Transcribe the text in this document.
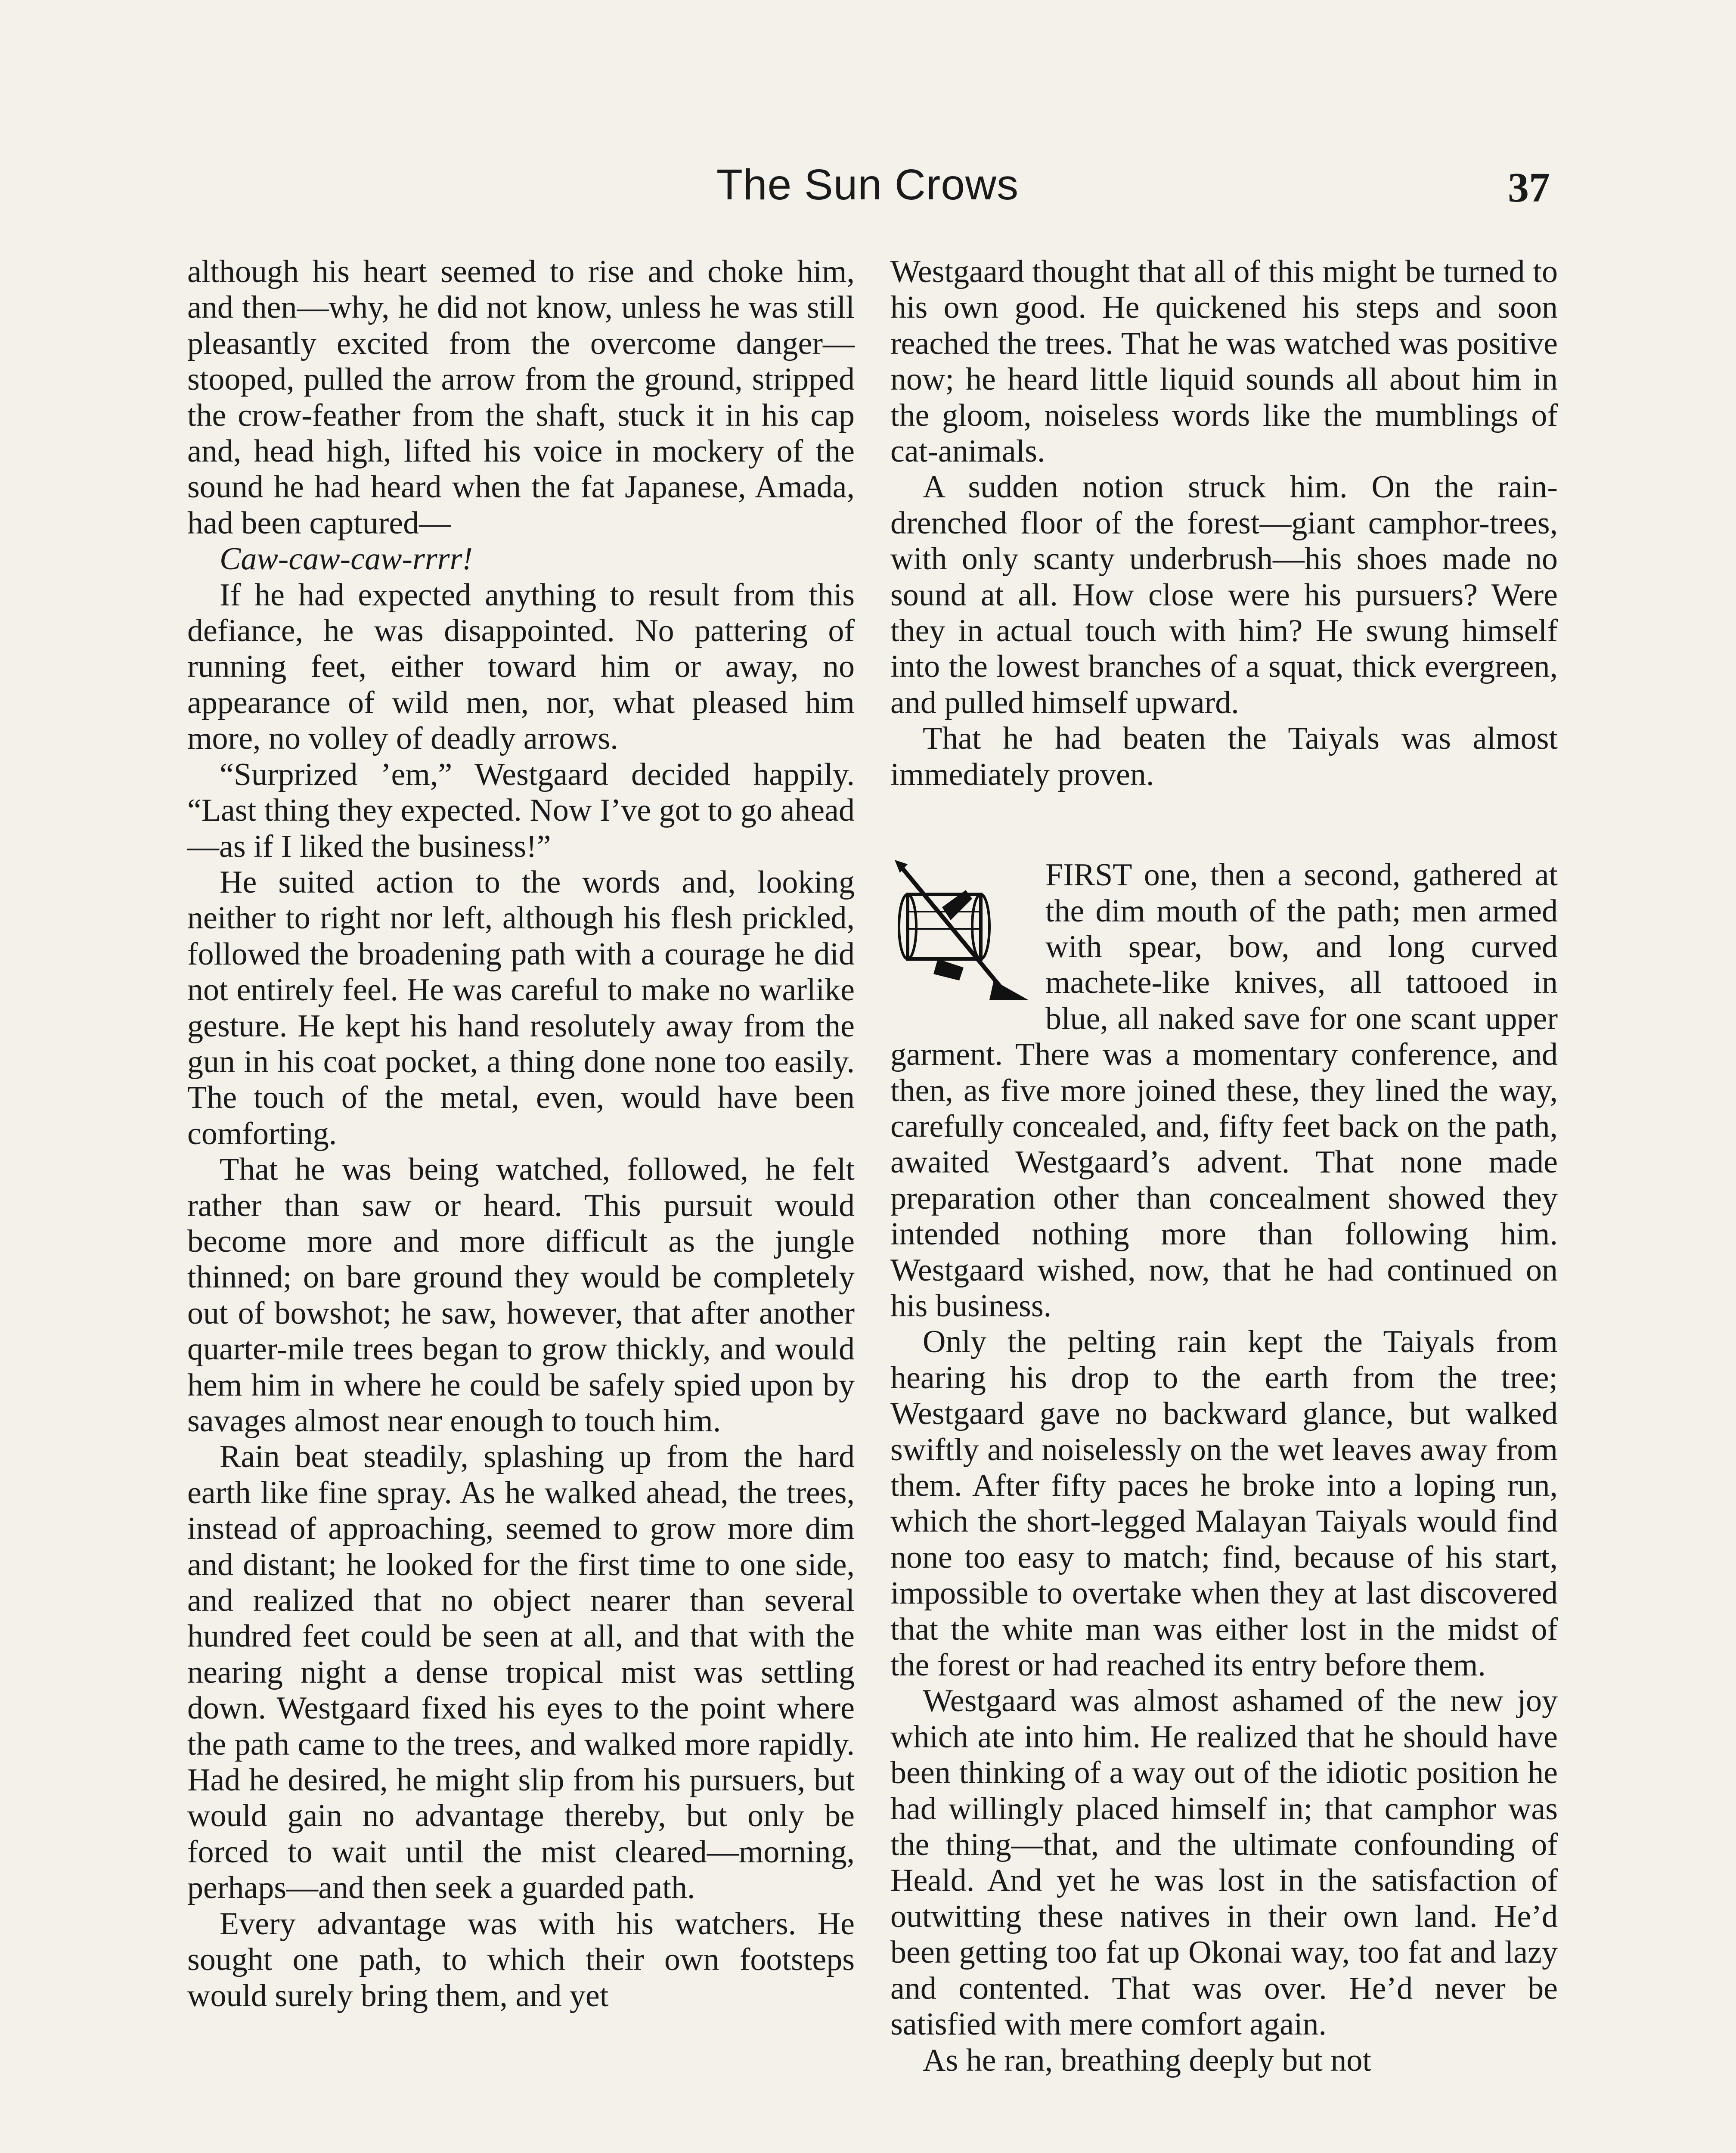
The Sun Crows	37

although his heart seemed to rise and choke him, and then—why, he did not know, unless he was still pleasantly excited from the overcome danger—stooped, pulled the arrow from the ground, stripped the crow-feather from the shaft, stuck it in his cap and, head high, lifted his voice in mockery of the sound he had heard when the fat Japanese, Amada, had been captured—

Caw-caw-caw-rrrr!

If he had expected anything to result from this defiance, he was disappointed. No pattering of running feet, either toward him or away, no appearance of wild men, nor, what pleased him more, no volley of deadly arrows.

“Surprized ’em,” Westgaard decided happily. “Last thing they expected. Now I’ve got to go ahead—as if I liked the business!”

He suited action to the words and, looking neither to right nor left, although his flesh prickled, followed the broadening path with a courage he did not entirely feel. He was careful to make no warlike gesture. He kept his hand resolutely away from the gun in his coat pocket, a thing done none too easily. The touch of the metal, even, would have been comforting.

That he was being watched, followed, he felt rather than saw or heard. This pursuit would become more and more difficult as the jungle thinned; on bare ground they would be completely out of bowshot; he saw, however, that after another quarter-mile trees began to grow thickly, and would hem him in where he could be safely spied upon by savages almost near enough to touch him.

Rain beat steadily, splashing up from the hard earth like fine spray. As he walked ahead, the trees, instead of approaching, seemed to grow more dim and distant; he looked for the first time to one side, and realized that no object nearer than several hundred feet could be seen at all, and that with the nearing night a dense tropical mist was settling down. Westgaard fixed his eyes to the point where the path came to the trees, and walked more rapidly. Had he desired, he might slip from his pursuers, but would gain no advantage thereby, but only be forced to wait until the mist cleared—morning, perhaps—and then seek a guarded path.

Every advantage was with his watchers. He sought one path, to which their own footsteps would surely bring them, and yet

Westgaard thought that all of this might be turned to his own good. He quickened his steps and soon reached the trees. That he was watched was positive now; he heard little liquid sounds all about him in the gloom, noiseless words like the mumblings of cat-animals.

A sudden notion struck him. On the rain-drenched floor of the forest—giant camphor-trees, with only scanty underbrush—his shoes made no sound at all. How close were his pursuers? Were they in actual touch with him? He swung himself into the lowest branches of a squat, thick evergreen, and pulled himself upward.

That he had beaten the Taiyals was almost immediately proven.

FIRST one, then a second, gathered at the dim mouth of the path; men armed with spear, bow, and long curved machete-like knives, all tattooed in blue, all naked save for one scant upper garment. There was a momentary conference, and then, as five more joined these, they lined the way, carefully concealed, and, fifty feet back on the path, awaited Westgaard’s advent. That none made preparation other than concealment showed they intended nothing more than following him. Westgaard wished, now, that he had continued on his business.

Only the pelting rain kept the Taiyals from hearing his drop to the earth from the tree; Westgaard gave no backward glance, but walked swiftly and noiselessly on the wet leaves away from them. After fifty paces he broke into a loping run, which the short-legged Malayan Taiyals would find none too easy to match; find, because of his start, impossible to overtake when they at last discovered that the white man was either lost in the midst of the forest or had reached its entry before them.

Westgaard was almost ashamed of the new joy which ate into him. He realized that he should have been thinking of a way out of the idiotic position he had willingly placed himself in; that camphor was the thing—that, and the ultimate confounding of Heald. And yet he was lost in the satisfaction of outwitting these natives in their own land. He’d been getting too fat up Okonai way, too fat and lazy and contented. That was over. He’d never be satisfied with mere comfort again.

As he ran, breathing deeply but not
